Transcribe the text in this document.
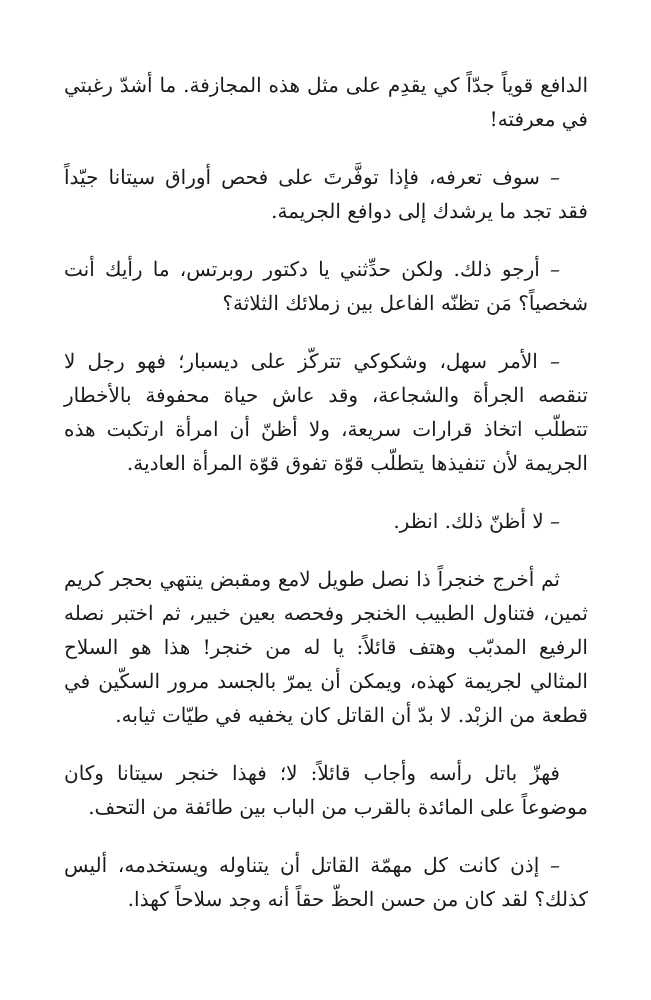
الدافع قوياً جدّاً كي يقدِم على مثل هذه المجازفة. ما أشدّ رغبتي في معرفته!

– سوف تعرفه، فإذا توفَّرتَ على فحص أوراق سيتانا جيّداً فقد تجد ما يرشدك إلى دوافع الجريمة.

– أرجو ذلك. ولكن حدِّثني يا دكتور روبرتس، ما رأيك أنت شخصياً؟ مَن تظنّه الفاعل بين زملائك الثلاثة؟

– الأمر سهل، وشكوكي تتركّز على ديسبار؛ فهو رجل لا تنقصه الجرأة والشجاعة، وقد عاش حياة محفوفة بالأخطار تتطلّب اتخاذ قرارات سريعة، ولا أظنّ أن امرأة ارتكبت هذه الجريمة لأن تنفيذها يتطلّب قوّة تفوق قوّة المرأة العادية.

– لا أظنّ ذلك. انظر.

ثم أخرج خنجراً ذا نصل طويل لامع ومقبض ينتهي بحجر كريم ثمين، فتناول الطبيب الخنجر وفحصه بعين خبير، ثم اختبر نصله الرفيع المدبّب وهتف قائلاً: يا له من خنجر! هذا هو السلاح المثالي لجريمة كهذه، ويمكن أن يمرّ بالجسد مرور السكّين في قطعة من الزبْد. لا بدّ أن القاتل كان يخفيه في طيّات ثيابه.

فهزّ باتل رأسه وأجاب قائلاً: لا؛ فهذا خنجر سيتانا وكان موضوعاً على المائدة بالقرب من الباب بين طائفة من التحف.

– إذن كانت كل مهمّة القاتل أن يتناوله ويستخدمه، أليس كذلك؟ لقد كان من حسن الحظّ حقاً أنه وجد سلاحاً كهذا.
